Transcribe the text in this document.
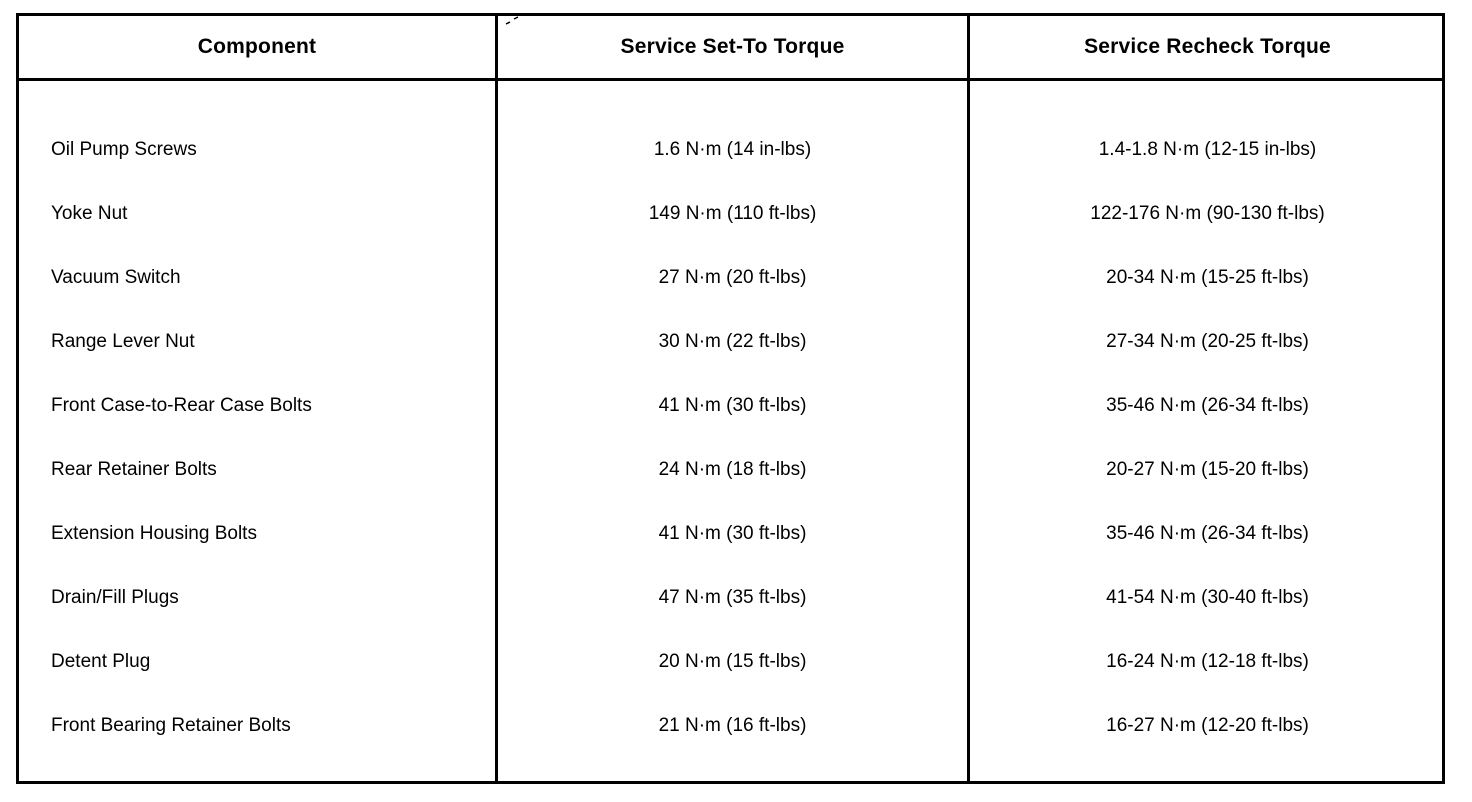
Component	Service Set-To Torque	Service Recheck Torque
Oil Pump Screws	1.6 N·m (14 in-lbs)	1.4-1.8 N·m (12-15 in-lbs)
Yoke Nut	149 N·m (110 ft-lbs)	122-176 N·m (90-130 ft-lbs)
Vacuum Switch	27 N·m (20 ft-lbs)	20-34 N·m (15-25 ft-lbs)
Range Lever Nut	30 N·m (22 ft-lbs)	27-34 N·m (20-25 ft-lbs)
Front Case-to-Rear Case Bolts	41 N·m (30 ft-lbs)	35-46 N·m (26-34 ft-lbs)
Rear Retainer Bolts	24 N·m (18 ft-lbs)	20-27 N·m (15-20 ft-lbs)
Extension Housing Bolts	41 N·m (30 ft-lbs)	35-46 N·m (26-34 ft-lbs)
Drain/Fill Plugs	47 N·m (35 ft-lbs)	41-54 N·m (30-40 ft-lbs)
Detent Plug	20 N·m (15 ft-lbs)	16-24 N·m (12-18 ft-lbs)
Front Bearing Retainer Bolts	21 N·m (16 ft-lbs)	16-27 N·m (12-20 ft-lbs)
